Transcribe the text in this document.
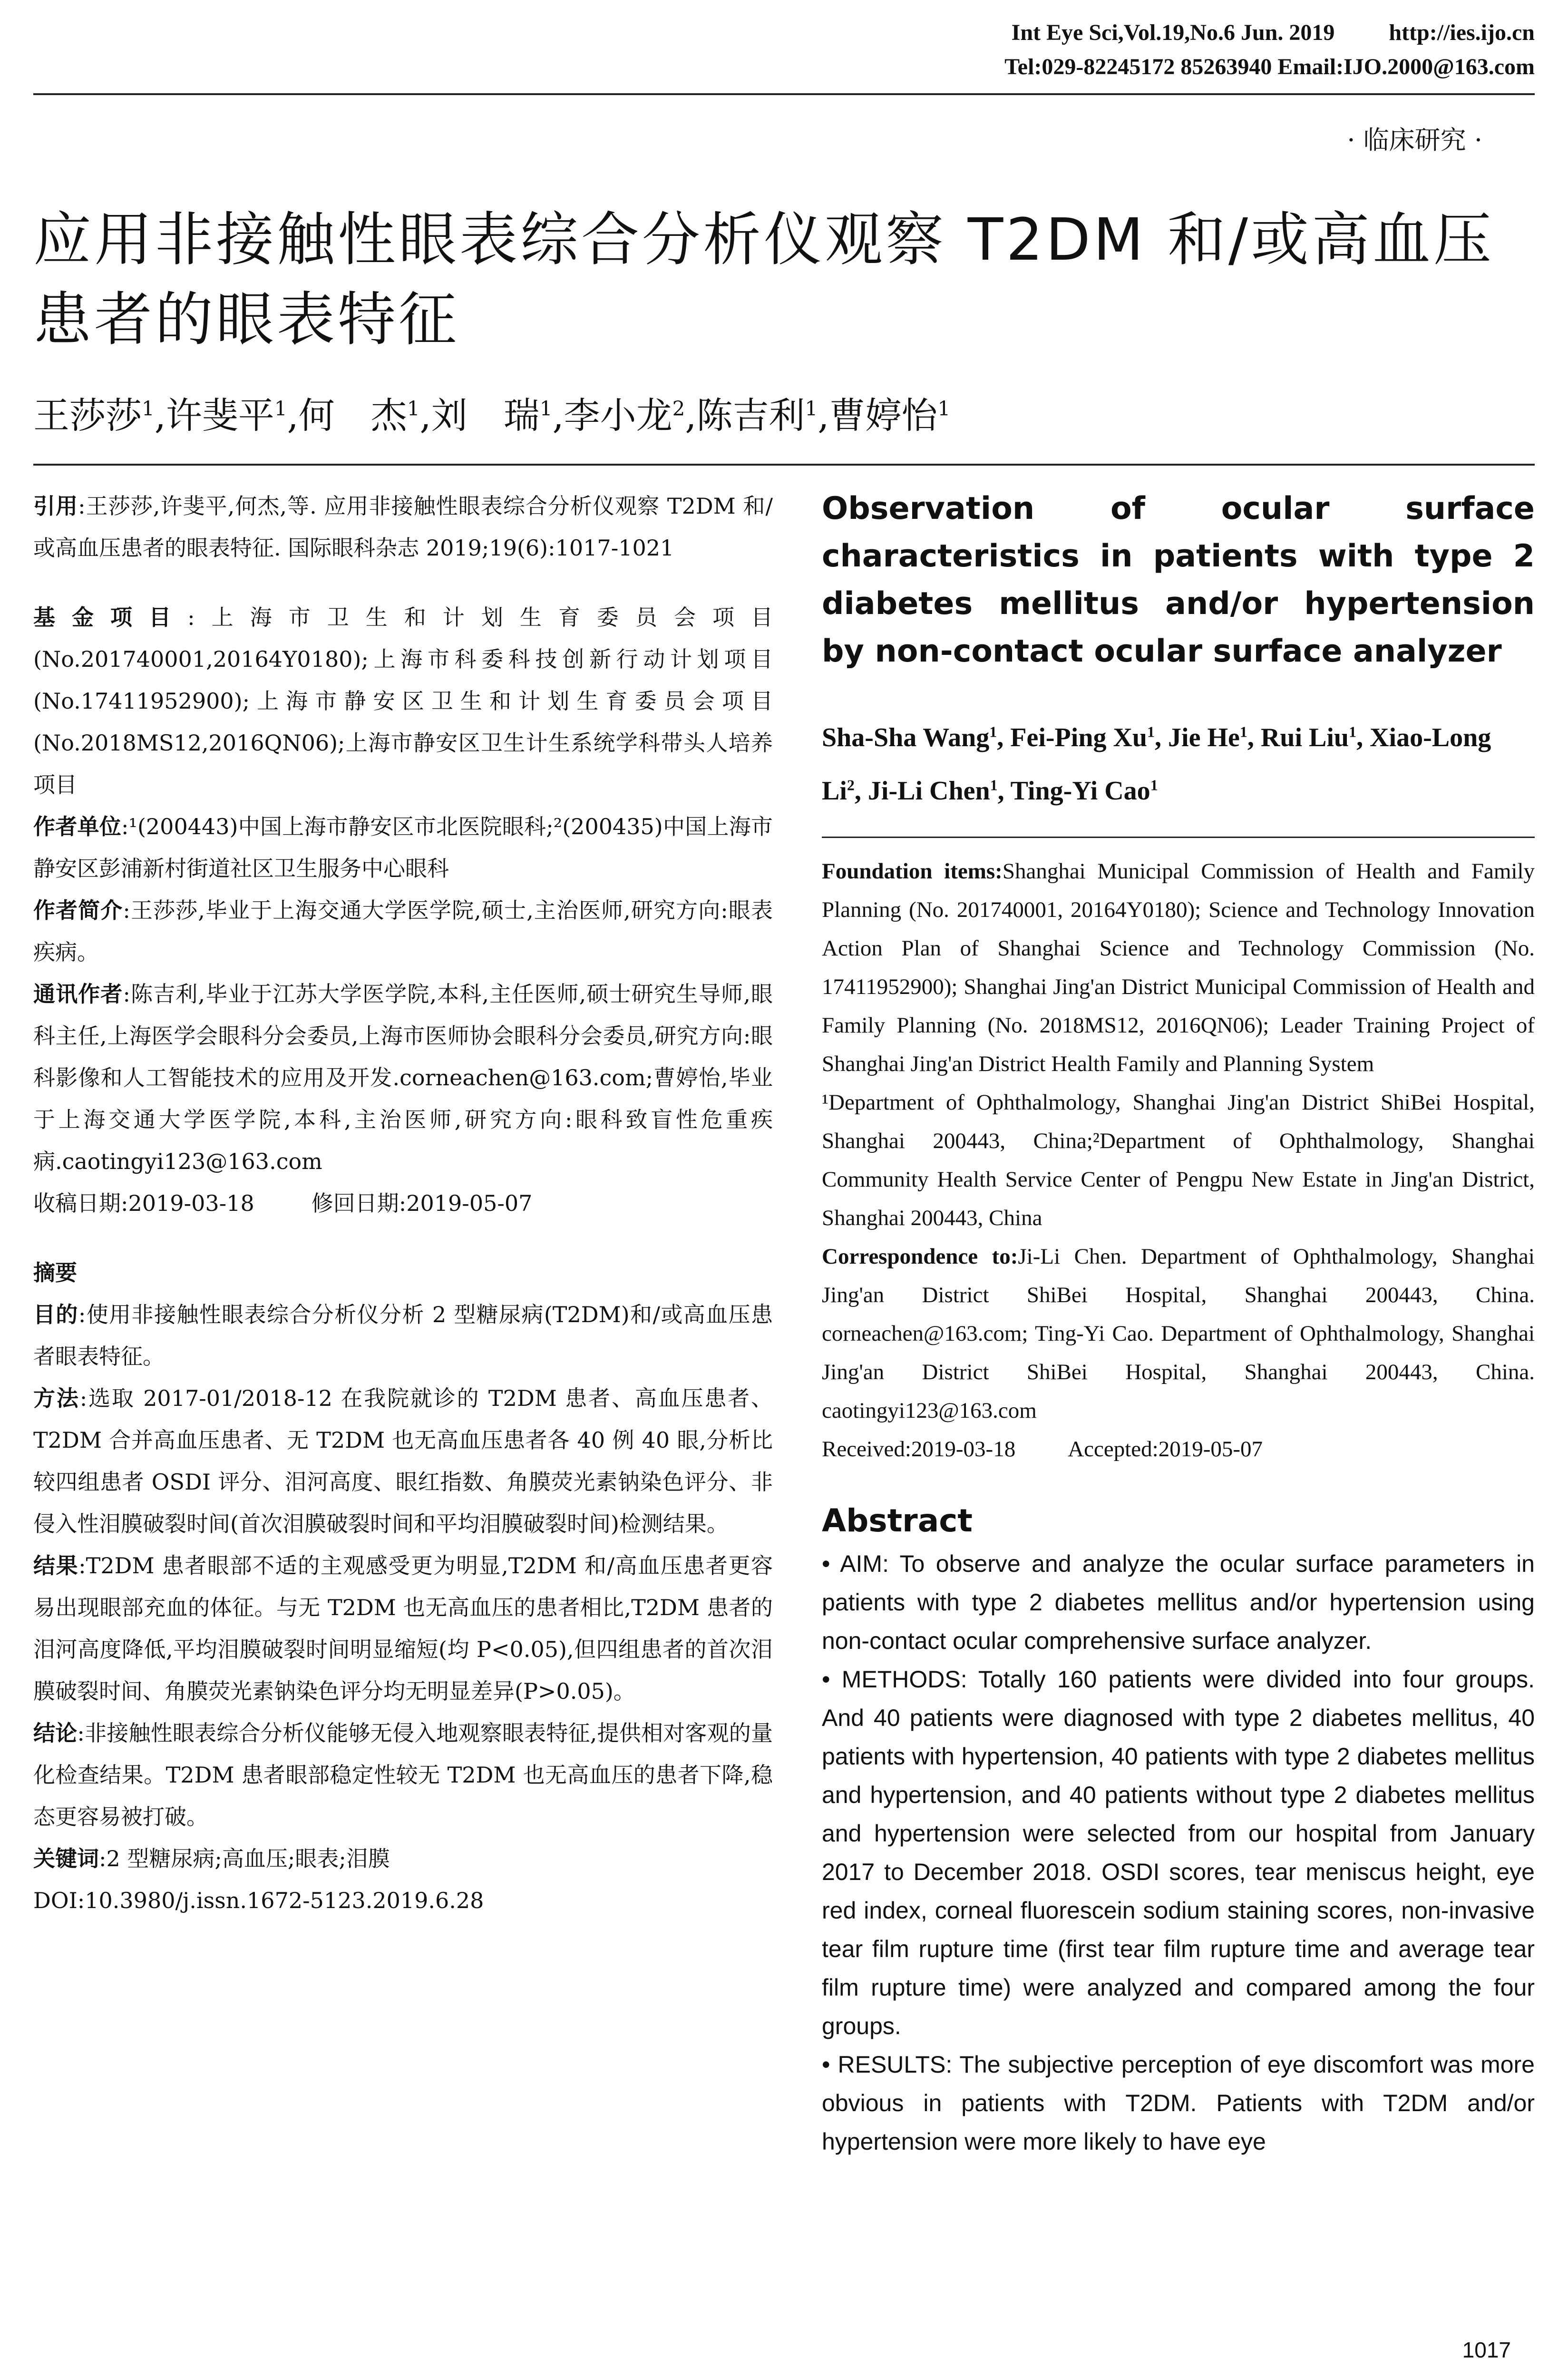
Int Eye Sci,Vol.19,No.6 Jun. 2019 http://ies.ijo.cn
Tel:029-82245172 85263940 Email:IJO.2000@163.com
· 临床研究 ·
应用非接触性眼表综合分析仪观察 T2DM 和/或高血压患者的眼表特征
王莎莎$^1$,许斐平$^1$,何　杰$^1$,刘　瑞$^1$,李小龙$^2$,陈吉利$^1$,曹婷怡$^1$

引用:王莎莎,许斐平,何杰,等. 应用非接触性眼表综合分析仪观察 T2DM 和/或高血压患者的眼表特征. 国际眼科杂志 2019;19(6):1017-1021

基金项目:上海市卫生和计划生育委员会项目(No.201740001,20164Y0180);上海市科委科技创新行动计划项目(No.17411952900);上海市静安区卫生和计划生育委员会项目(No.2018MS12,2016QN06);上海市静安区卫生计生系统学科带头人培养项目

作者单位:¹(200443)中国上海市静安区市北医院眼科;²(200435)中国上海市静安区彭浦新村街道社区卫生服务中心眼科

作者简介:王莎莎,毕业于上海交通大学医学院,硕士,主治医师,研究方向:眼表疾病。

通讯作者:陈吉利,毕业于江苏大学医学院,本科,主任医师,硕士研究生导师,眼科主任,上海医学会眼科分会委员,上海市医师协会眼科分会委员,研究方向:眼科影像和人工智能技术的应用及开发.corneachen@163.com;曹婷怡,毕业于上海交通大学医学院,本科,主治医师,研究方向:眼科致盲性危重疾病.caotingyi123@163.com

收稿日期:2019-03-18	修回日期:2019-05-07

摘要

目的:使用非接触性眼表综合分析仪分析 2 型糖尿病(T2DM)和/或高血压患者眼表特征。

方法:选取 2017-01/2018-12 在我院就诊的 T2DM 患者、高血压患者、T2DM 合并高血压患者、无 T2DM 也无高血压患者各 40 例 40 眼,分析比较四组患者 OSDI 评分、泪河高度、眼红指数、角膜荧光素钠染色评分、非侵入性泪膜破裂时间(首次泪膜破裂时间和平均泪膜破裂时间)检测结果。

结果:T2DM 患者眼部不适的主观感受更为明显,T2DM 和/高血压患者更容易出现眼部充血的体征。与无 T2DM 也无高血压的患者相比,T2DM 患者的泪河高度降低,平均泪膜破裂时间明显缩短(均 P<0.05),但四组患者的首次泪膜破裂时间、角膜荧光素钠染色评分均无明显差异(P>0.05)。

结论:非接触性眼表综合分析仪能够无侵入地观察眼表特征,提供相对客观的量化检查结果。T2DM 患者眼部稳定性较无 T2DM 也无高血压的患者下降,稳态更容易被打破。

关键词:2 型糖尿病;高血压;眼表;泪膜

DOI:10.3980/j.issn.1672-5123.2019.6.28

Observation of ocular surface characteristics in patients with type 2 diabetes mellitus and/or hypertension by non-contact ocular surface analyzer

Sha-Sha Wang$^1$, Fei-Ping Xu$^1$, Jie He$^1$, Rui Liu$^1$, Xiao-Long Li$^2$, Ji-Li Chen$^1$, Ting-Yi Cao$^1$

Foundation items:Shanghai Municipal Commission of Health and Family Planning (No. 201740001, 20164Y0180); Science and Technology Innovation Action Plan of Shanghai Science and Technology Commission (No. 17411952900); Shanghai Jing'an District Municipal Commission of Health and Family Planning (No. 2018MS12, 2016QN06); Leader Training Project of Shanghai Jing'an District Health Family and Planning System

¹Department of Ophthalmology, Shanghai Jing'an District ShiBei Hospital, Shanghai 200443, China;²Department of Ophthalmology, Shanghai Community Health Service Center of Pengpu New Estate in Jing'an District, Shanghai 200443, China

Correspondence to:Ji-Li Chen. Department of Ophthalmology, Shanghai Jing'an District ShiBei Hospital, Shanghai 200443, China. corneachen@163.com; Ting-Yi Cao. Department of Ophthalmology, Shanghai Jing'an District ShiBei Hospital, Shanghai 200443, China. caotingyi123@163.com

Received:2019-03-18 Accepted:2019-05-07

Abstract

• AIM: To observe and analyze the ocular surface parameters in patients with type 2 diabetes mellitus and/or hypertension using non-contact ocular comprehensive surface analyzer.

• METHODS: Totally 160 patients were divided into four groups. And 40 patients were diagnosed with type 2 diabetes mellitus, 40 patients with hypertension, 40 patients with type 2 diabetes mellitus and hypertension, and 40 patients without type 2 diabetes mellitus and hypertension were selected from our hospital from January 2017 to December 2018. OSDI scores, tear meniscus height, eye red index, corneal fluorescein sodium staining scores, non-invasive tear film rupture time (first tear film rupture time and average tear film rupture time) were analyzed and compared among the four groups.

• RESULTS: The subjective perception of eye discomfort was more obvious in patients with T2DM. Patients with T2DM and/or hypertension were more likely to have eye

1017
